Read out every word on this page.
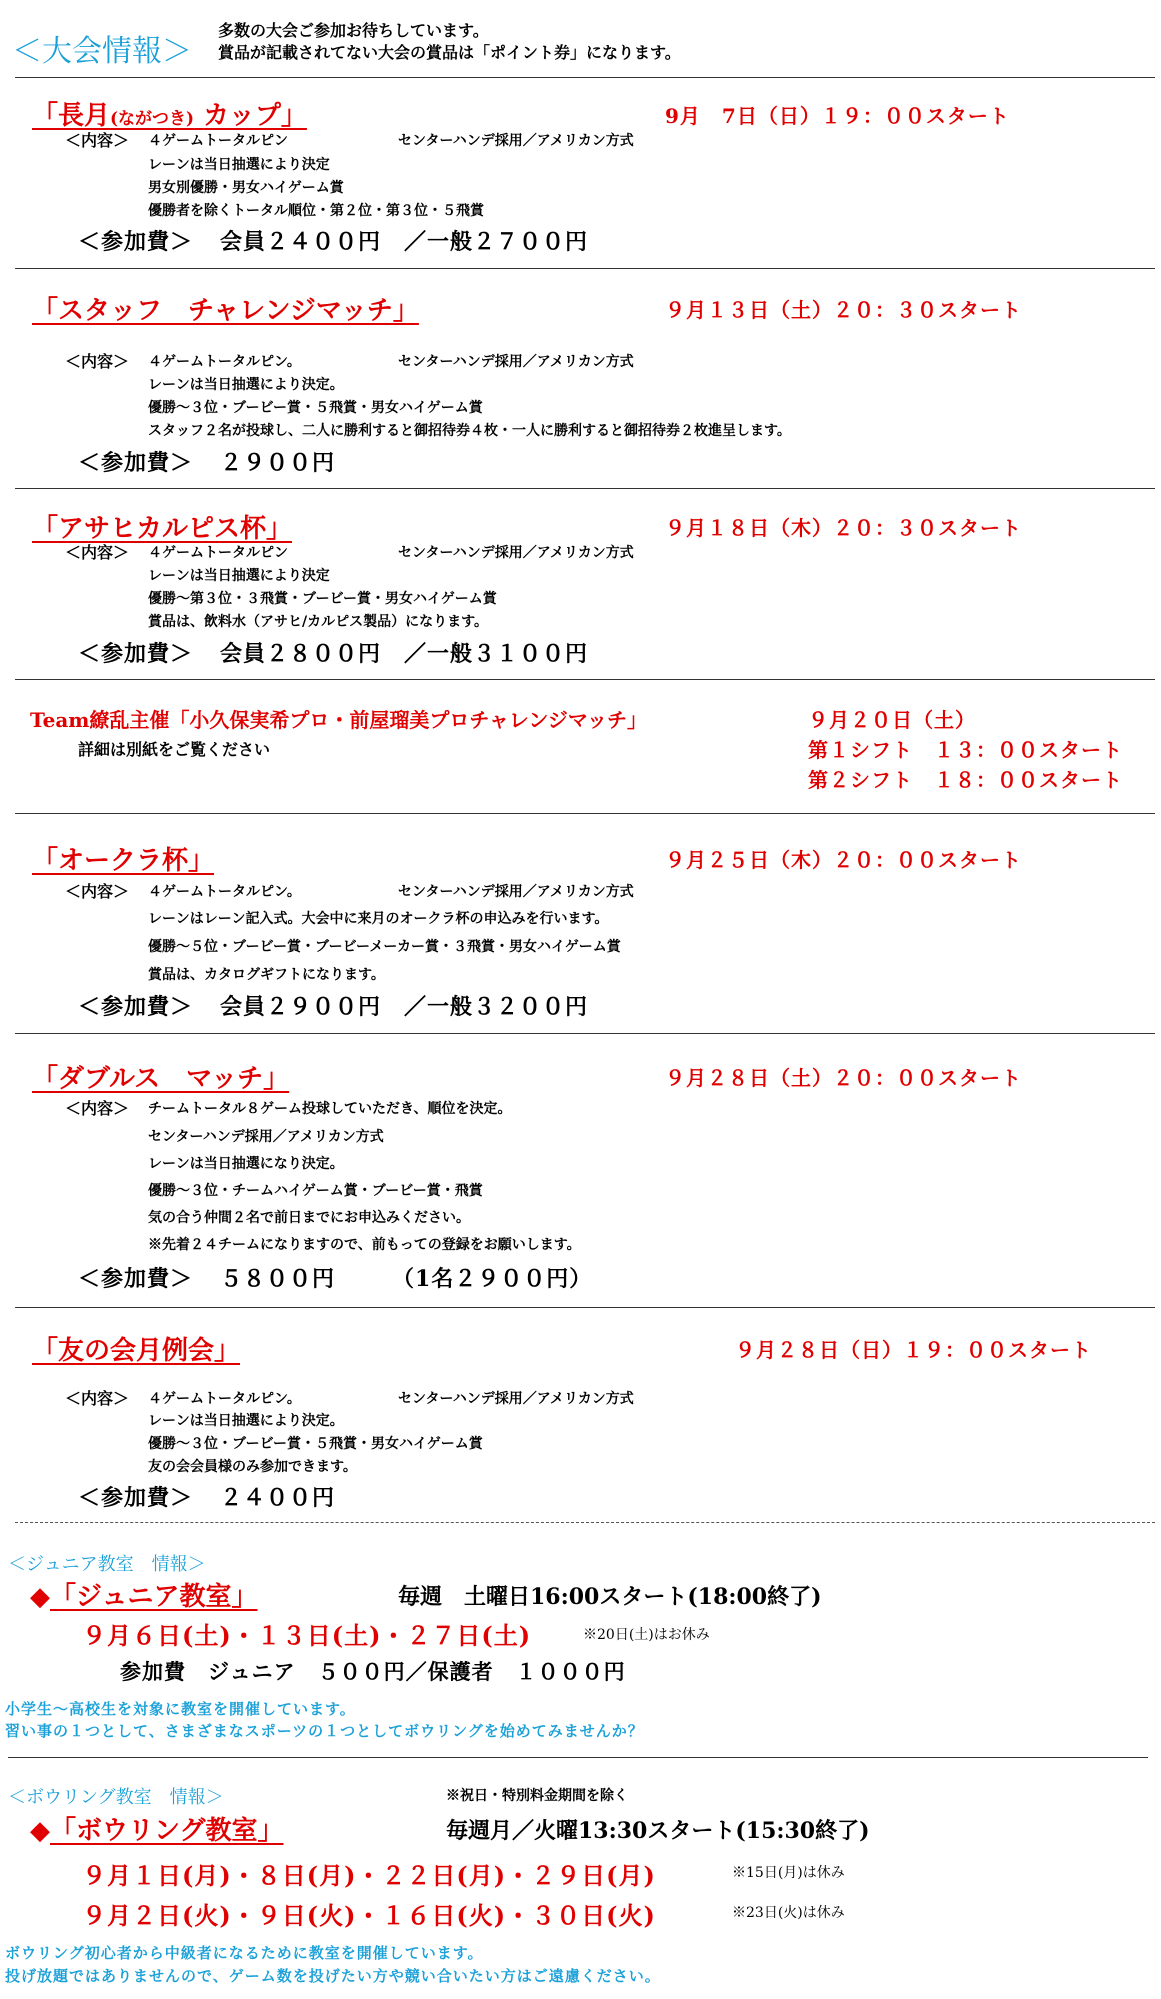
＜大会情報＞
多数の大会ご参加お待ちしています。
賞品が記載されてない大会の賞品は「ポイント券」になります。
「長月(ながつき) カップ」	9月　7日（日）１９：００スタート
＜内容＞ ４ゲームトータルピン	センターハンデ採用／アメリカン方式
レーンは当日抽選により決定
男女別優勝・男女ハイゲーム賞
優勝者を除くトータル順位・第２位・第３位・５飛賞
＜参加費＞ 会員２４００円　／一般２７００円
「スタッフ　チャレンジマッチ」	９月１３日（土）２０：３０スタート
＜内容＞ ４ゲームトータルピン。	センターハンデ採用／アメリカン方式
レーンは当日抽選により決定。
優勝～３位・ブービー賞・５飛賞・男女ハイゲーム賞
スタッフ２名が投球し、二人に勝利すると御招待券４枚・一人に勝利すると御招待券２枚進呈します。
＜参加費＞ ２９００円
「アサヒカルピス杯」	９月１８日（木）２０：３０スタート
＜内容＞ ４ゲームトータルピン	センターハンデ採用／アメリカン方式
レーンは当日抽選により決定
優勝～第３位・３飛賞・ブービー賞・男女ハイゲーム賞
賞品は、飲料水（アサヒ/カルピス製品）になります。
＜参加費＞ 会員２８００円　／一般３１００円
Team繚乱主催「小久保実希プロ・前屋瑠美プロチャレンジマッチ」	９月２０日（土）
詳細は別紙をご覧ください	第１シフト　１３：００スタート
第２シフト　１８：００スタート
「オークラ杯」	９月２５日（木）２０：００スタート
＜内容＞ ４ゲームトータルピン。	センターハンデ採用／アメリカン方式
レーンはレーン記入式。大会中に来月のオークラ杯の申込みを行います。
優勝～５位・ブービー賞・ブービーメーカー賞・３飛賞・男女ハイゲーム賞
賞品は、カタログギフトになります。
＜参加費＞ 会員２９００円　／一般３２００円
「ダブルス　マッチ」	９月２８日（土）２０：００スタート
＜内容＞ チームトータル８ゲーム投球していただき、順位を決定。
センターハンデ採用／アメリカン方式
レーンは当日抽選になり決定。
優勝～３位・チームハイゲーム賞・ブービー賞・飛賞
気の合う仲間２名で前日までにお申込みください。
※先着２４チームになりますので、前もっての登録をお願いします。
＜参加費＞ ５８００円	（1名２９００円）
「友の会月例会」	９月２８日（日）１９：００スタート
＜内容＞ ４ゲームトータルピン。	センターハンデ採用／アメリカン方式
レーンは当日抽選により決定。
優勝～３位・ブービー賞・５飛賞・男女ハイゲーム賞
友の会会員様のみ参加できます。
＜参加費＞ ２４００円
＜ジュニア教室　情報＞
◆「ジュニア教室」	毎週　土曜日16:00スタート(18:00終了)
９月６日(土)・１３日(土)・２７日(土)	※20日(土)はお休み
参加費　ジュニア　５００円／保護者　１０００円
小学生～高校生を対象に教室を開催しています。
習い事の１つとして、さまざまなスポーツの１つとしてボウリングを始めてみませんか？
＜ボウリング教室　情報＞	※祝日・特別料金期間を除く
◆「ボウリング教室」	毎週月／火曜13:30スタート(15:30終了)
９月１日(月)・８日(月)・２２日(月)・２９日(月)	※15日(月)は休み
９月２日(火)・９日(火)・１６日(火)・３０日(火)	※23日(火)は休み
ボウリング初心者から中級者になるために教室を開催しています。
投げ放題ではありませんので、ゲーム数を投げたい方や競い合いたい方はご遠慮ください。
